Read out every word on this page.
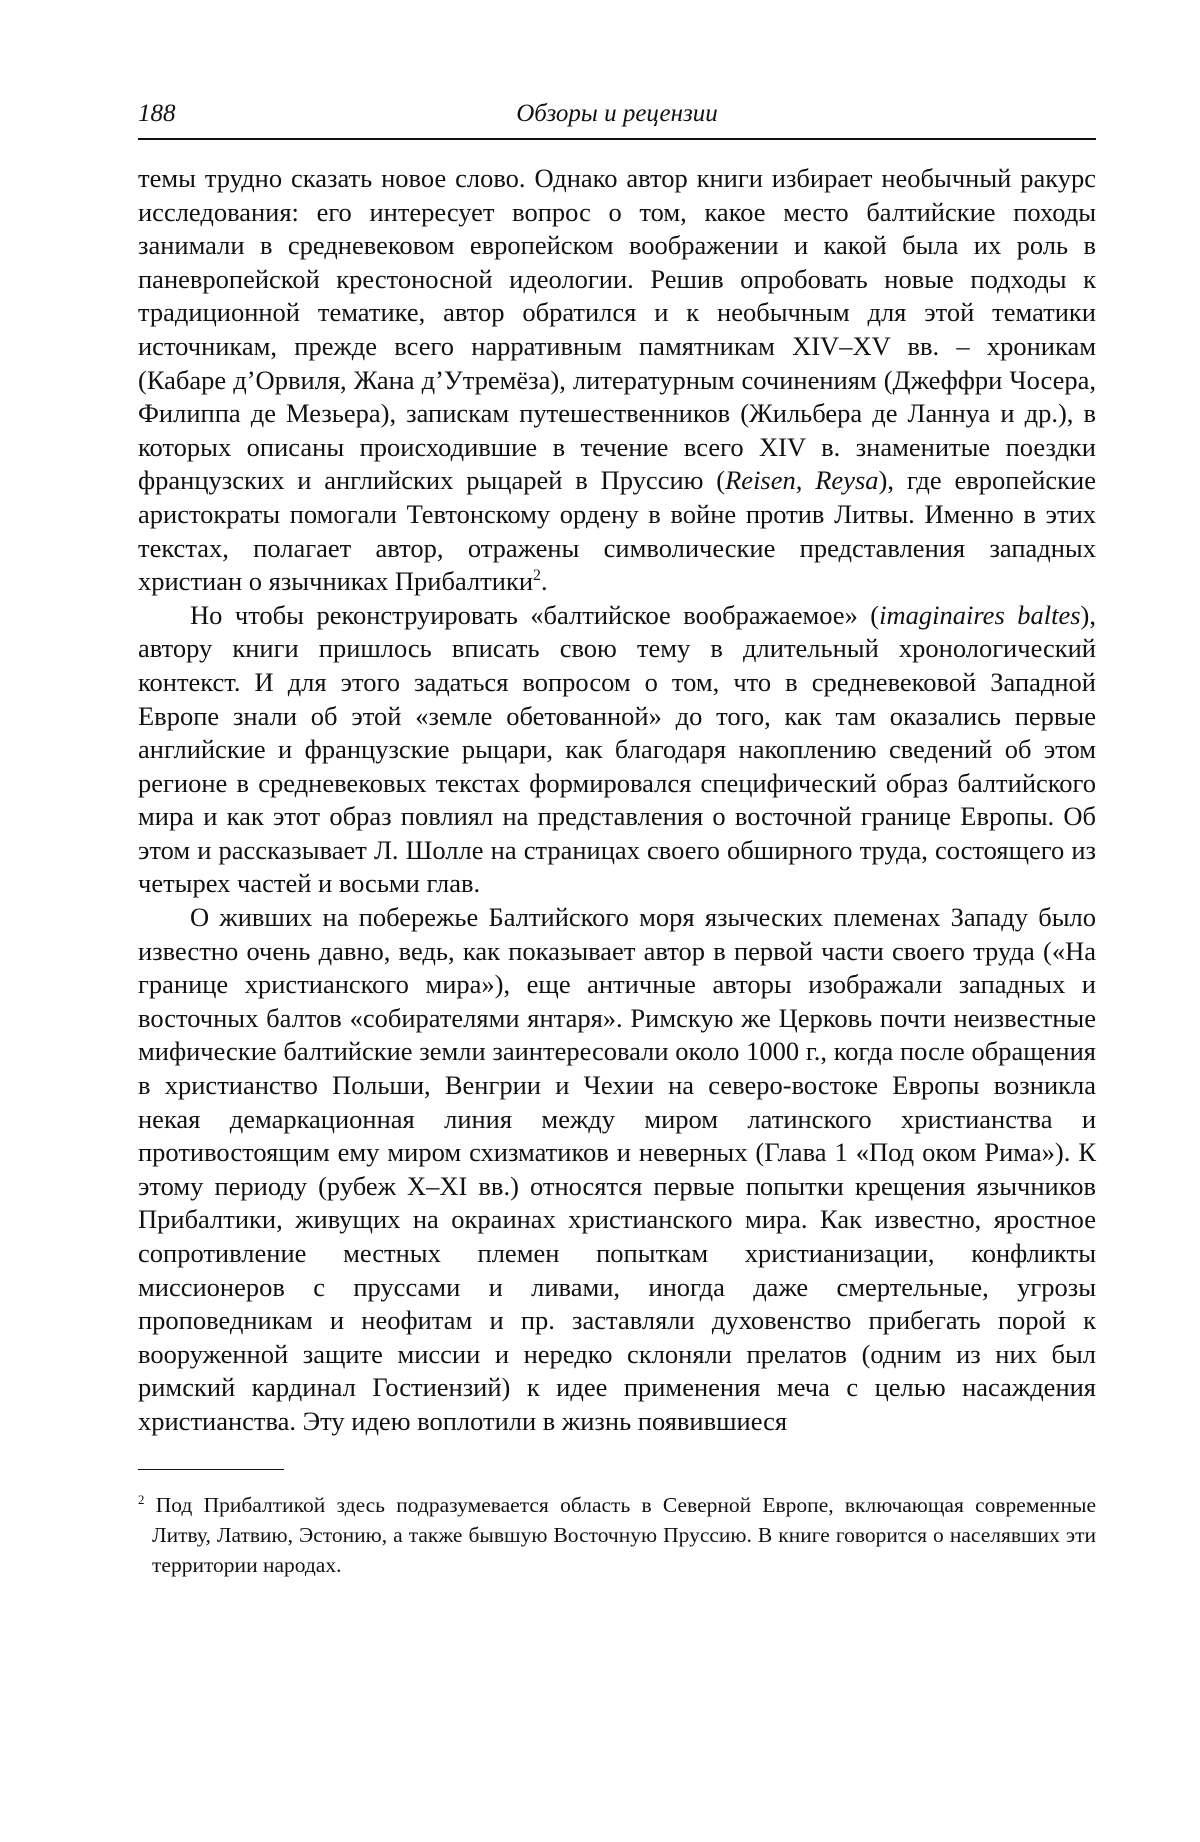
188	Обзоры и рецензии

темы трудно сказать новое слово. Однако автор книги избирает необычный ракурс исследования: его интересует вопрос о том, какое место балтийские походы занимали в средневековом европейском воображении и какой была их роль в паневропейской крестоносной идеологии. Решив опробовать новые подходы к традиционной тематике, автор обратился и к необычным для этой тематики источникам, прежде всего нарративным памятникам XIV–XV вв. – хроникам (Кабаре д’Орвиля, Жана д’Утремёза), литературным сочинениям (Джеффри Чосера, Филиппа де Мезьера), запискам путешественников (Жильбера де Ланнуа и др.), в которых описаны происходившие в течение всего XIV в. знаменитые поездки французских и английских рыцарей в Пруссию (Reisen, Reysa), где европейские аристократы помогали Тевтонскому ордену в войне против Литвы. Именно в этих текстах, полагает автор, отражены символические представления западных христиан о язычниках Прибалтики2.

Но чтобы реконструировать «балтийское воображаемое» (imaginaires baltes), автору книги пришлось вписать свою тему в длительный хронологический контекст. И для этого задаться вопросом о том, что в средневековой Западной Европе знали об этой «земле обетованной» до того, как там оказались первые английские и французские рыцари, как благодаря накоплению сведений об этом регионе в средневековых текстах формировался специфический образ балтийского мира и как этот образ повлиял на представления о восточной границе Европы. Об этом и рассказывает Л. Шолле на страницах своего обширного труда, состоящего из четырех частей и восьми глав.

О живших на побережье Балтийского моря языческих племенах Западу было известно очень давно, ведь, как показывает автор в первой части своего труда («На границе христианского мира»), еще античные авторы изображали западных и восточных балтов «собирателями янтаря». Римскую же Церковь почти неизвестные мифические балтийские земли заинтересовали около 1000 г., когда после обращения в христианство Польши, Венгрии и Чехии на северо-востоке Европы возникла некая демаркационная линия между миром латинского христианства и противостоящим ему миром схизматиков и неверных (Глава 1 «Под оком Рима»). К этому периоду (рубеж X–XI вв.) относятся первые попытки крещения язычников Прибалтики, живущих на окраинах христианского мира. Как известно, яростное сопротивление местных племен попыткам христианизации, конфликты миссионеров с пруссами и ливами, иногда даже смертельные, угрозы проповедникам и неофитам и пр. заставляли духовенство прибегать порой к вооруженной защите миссии и нередко склоняли прелатов (одним из них был римский кардинал Гостиензий) к идее применения меча с целью насаждения христианства. Эту идею воплотили в жизнь появившиеся

2 Под Прибалтикой здесь подразумевается область в Северной Европе, включающая современные Литву, Латвию, Эстонию, а также бывшую Восточную Пруссию. В книге говорится о населявших эти территории народах.
